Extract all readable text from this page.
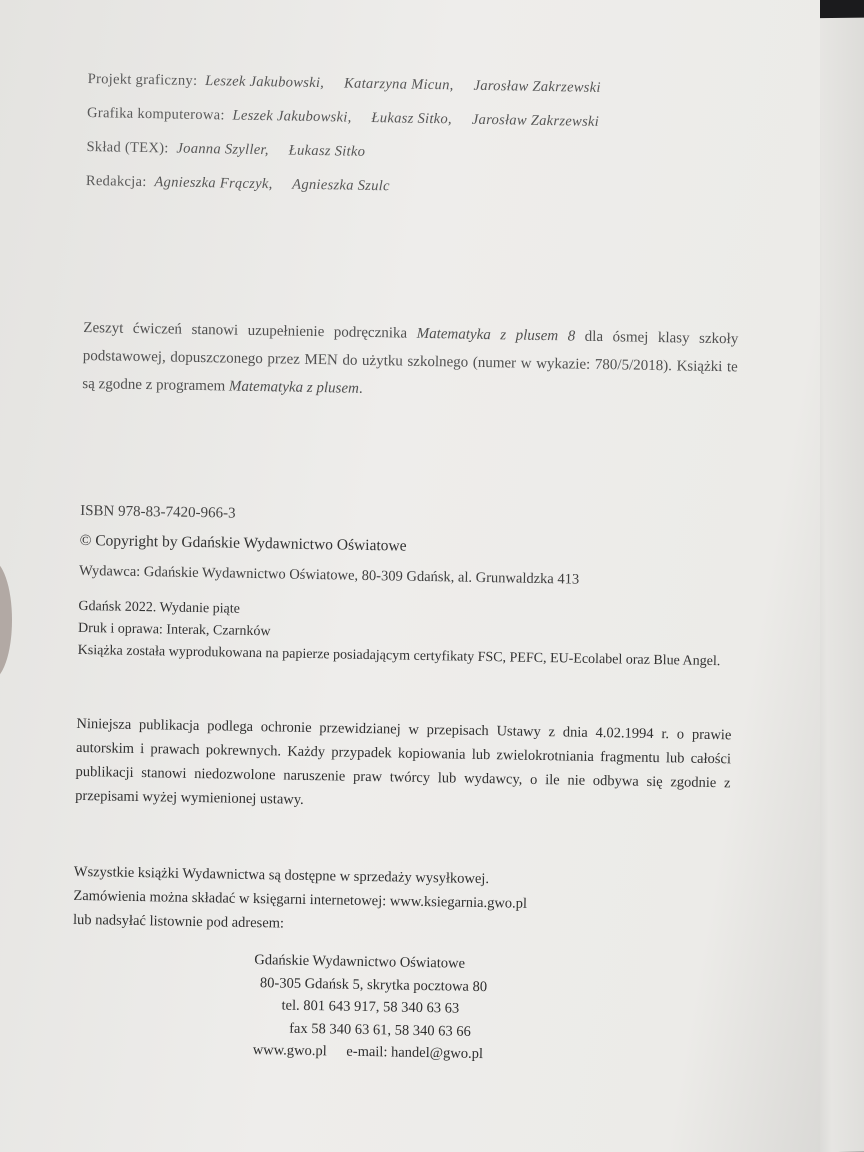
Projekt graficzny: Leszek Jakubowski, Katarzyna Micun, Jarosław Zakrzewski
Grafika komputerowa: Leszek Jakubowski, Łukasz Sitko, Jarosław Zakrzewski
Skład (TEX): Joanna Szyller, Łukasz Sitko
Redakcja: Agnieszka Frączyk, Agnieszka Szulc

Zeszyt ćwiczeń stanowi uzupełnienie podręcznika Matematyka z plusem 8 dla ósmej klasy szkoły podstawowej, dopuszczonego przez MEN do użytku szkolnego (numer w wykazie: 780/5/2018). Książki te są zgodne z programem Matematyka z plusem.

ISBN 978-83-7420-966-3
© Copyright by Gdańskie Wydawnictwo Oświatowe
Wydawca: Gdańskie Wydawnictwo Oświatowe, 80-309 Gdańsk, al. Grunwaldzka 413
Gdańsk 2022. Wydanie piąte
Druk i oprawa: Interak, Czarnków
Książka została wyprodukowana na papierze posiadającym certyfikaty FSC, PEFC, EU-Ecolabel oraz Blue Angel.

Niniejsza publikacja podlega ochronie przewidzianej w przepisach Ustawy z dnia 4.02.1994 r. o prawie autorskim i prawach pokrewnych. Każdy przypadek kopiowania lub zwielokrotniania fragmentu lub całości publikacji stanowi niedozwolone naruszenie praw twórcy lub wydawcy, o ile nie odbywa się zgodnie z przepisami wyżej wymienionej ustawy.

Wszystkie książki Wydawnictwa są dostępne w sprzedaży wysyłkowej.
Zamówienia można składać w księgarni internetowej: www.ksiegarnia.gwo.pl
lub nadsyłać listownie pod adresem:
Gdańskie Wydawnictwo Oświatowe
80-305 Gdańsk 5, skrytka pocztowa 80
tel. 801 643 917, 58 340 63 63
fax 58 340 63 61, 58 340 63 66
www.gwo.pl e-mail: handel@gwo.pl
